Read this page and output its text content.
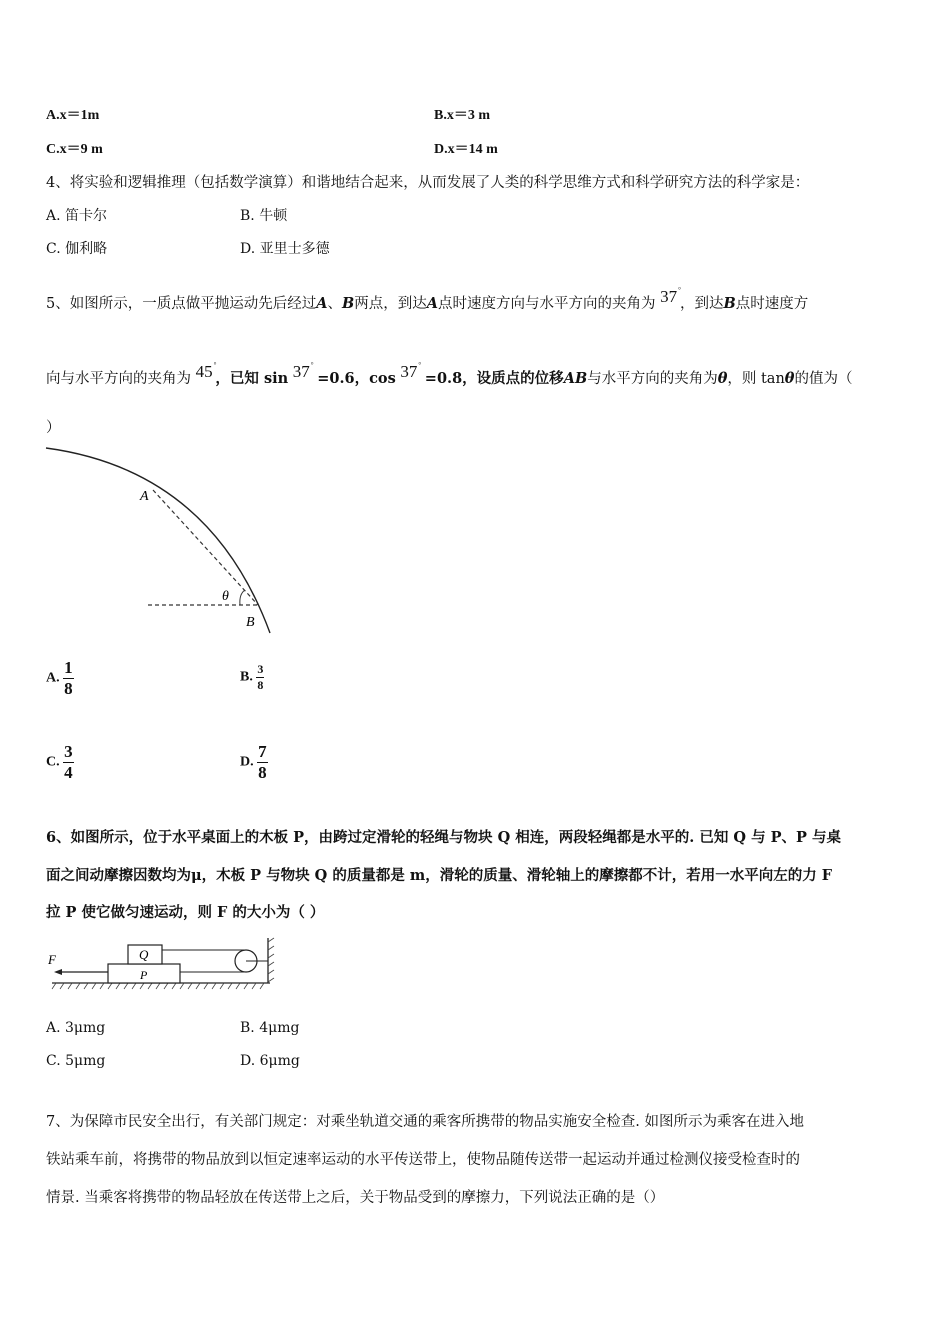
A.x＝1m	B.x＝3 m
C.x＝9 m	D.x＝14 m
4、将实验和逻辑推理（包括数学演算）和谐地结合起来，从而发展了人类的科学思维方式和科学研究方法的科学家是：
A. 笛卡尔	B. 牛顿
C. 伽利略	D. 亚里士多德
5、如图所示，一质点做平抛运动先后经过A、B两点，到达A点时速度方向与水平方向的夹角为 37°，到达B点时速度方
向与水平方向的夹角为 45°，已知 sin 37° =0.6，cos 37° =0.8，设质点的位移AB与水平方向的夹角为θ，则 tanθ的值为（
）
A
θ
B
A. $\frac{1}{8}$	B. $\frac{3}{8}$
C. $\frac{3}{4}$	D. $\frac{7}{8}$
6、如图所示，位于水平桌面上的木板 P，由跨过定滑轮的轻绳与物块 Q 相连，两段轻绳都是水平的. 已知 Q 与 P、P 与桌
面之间动摩擦因数均为μ，木板 P 与物块 Q 的质量都是 m，滑轮的质量、滑轮轴上的摩擦都不计，若用一水平向左的力 F
拉 P 使它做匀速运动，则 F 的大小为（ ）
F	Q
P
A. 3μmg	B. 4μmg
C. 5μmg	D. 6μmg
7、为保障市民安全出行，有关部门规定：对乘坐轨道交通的乘客所携带的物品实施安全检查. 如图所示为乘客在进入地
铁站乘车前，将携带的物品放到以恒定速率运动的水平传送带上，使物品随传送带一起运动并通过检测仪接受检查时的
情景. 当乘客将携带的物品轻放在传送带上之后，关于物品受到的摩擦力，下列说法正确的是（）
